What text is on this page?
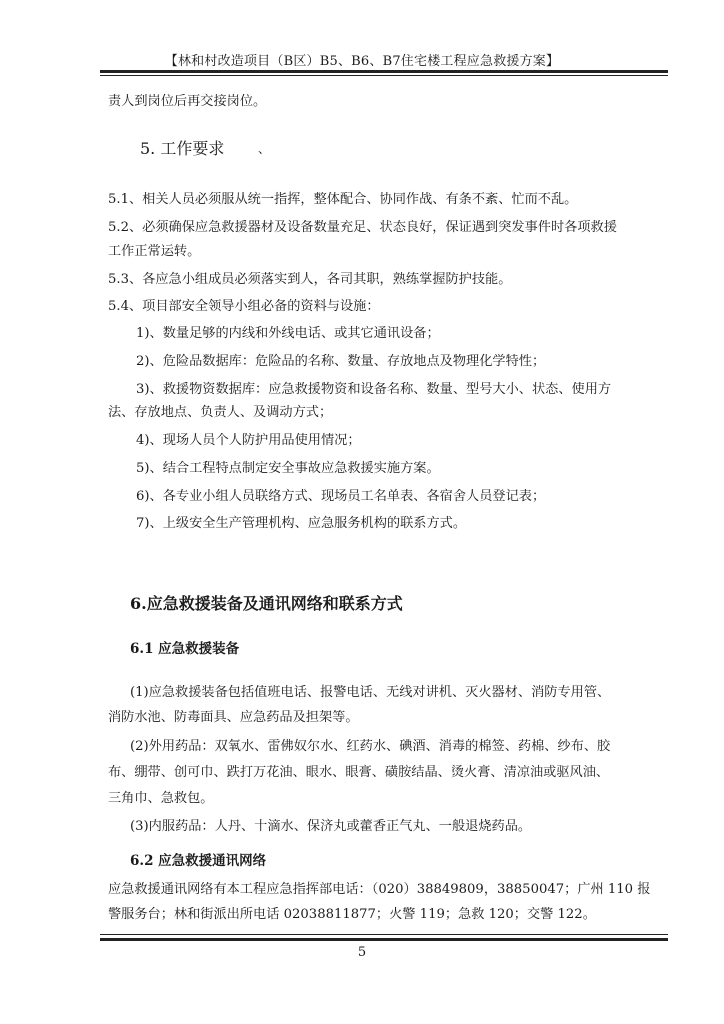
【林和村改造项目（B区）B5、B6、B7住宅楼工程应急救援方案】
责人到岗位后再交接岗位。
5. 工作要求	、
5.1、相关人员必须服从统一指挥，整体配合、协同作战、有条不紊、忙而不乱。
5.2、必须确保应急救援器材及设备数量充足、状态良好，保证遇到突发事件时各项救援
工作正常运转。
5.3、各应急小组成员必须落实到人，各司其职，熟练掌握防护技能。
5.4、项目部安全领导小组必备的资料与设施：
1)、数量足够的内线和外线电话、或其它通讯设备；
2)、危险品数据库：危险品的名称、数量、存放地点及物理化学特性；
3)、救援物资数据库：应急救援物资和设备名称、数量、型号大小、状态、使用方
法、存放地点、负责人、及调动方式；
4)、现场人员个人防护用品使用情况；
5)、结合工程特点制定安全事故应急救援实施方案。
6)、各专业小组人员联络方式、现场员工名单表、各宿舍人员登记表；
7)、上级安全生产管理机构、应急服务机构的联系方式。
6.应急救援装备及通讯网络和联系方式
6.1 应急救援装备
(1)应急救援装备包括值班电话、报警电话、无线对讲机、灭火器材、消防专用管、
消防水池、防毒面具、应急药品及担架等。
(2)外用药品：双氧水、雷佛奴尔水、红药水、碘酒、消毒的棉签、药棉、纱布、胶
布、绷带、创可巾、跌打万花油、眼水、眼膏、磺胺结晶、烫火膏、清凉油或驱风油、
三角巾、急救包。
(3)内服药品：人丹、十滴水、保济丸或藿香正气丸、一般退烧药品。
6.2 应急救援通讯网络
应急救援通讯网络有本工程应急指挥部电话：（020）38849809，38850047；广州 110 报
警服务台；林和街派出所电话 02038811877；火警 119；急救 120；交警 122。
5
